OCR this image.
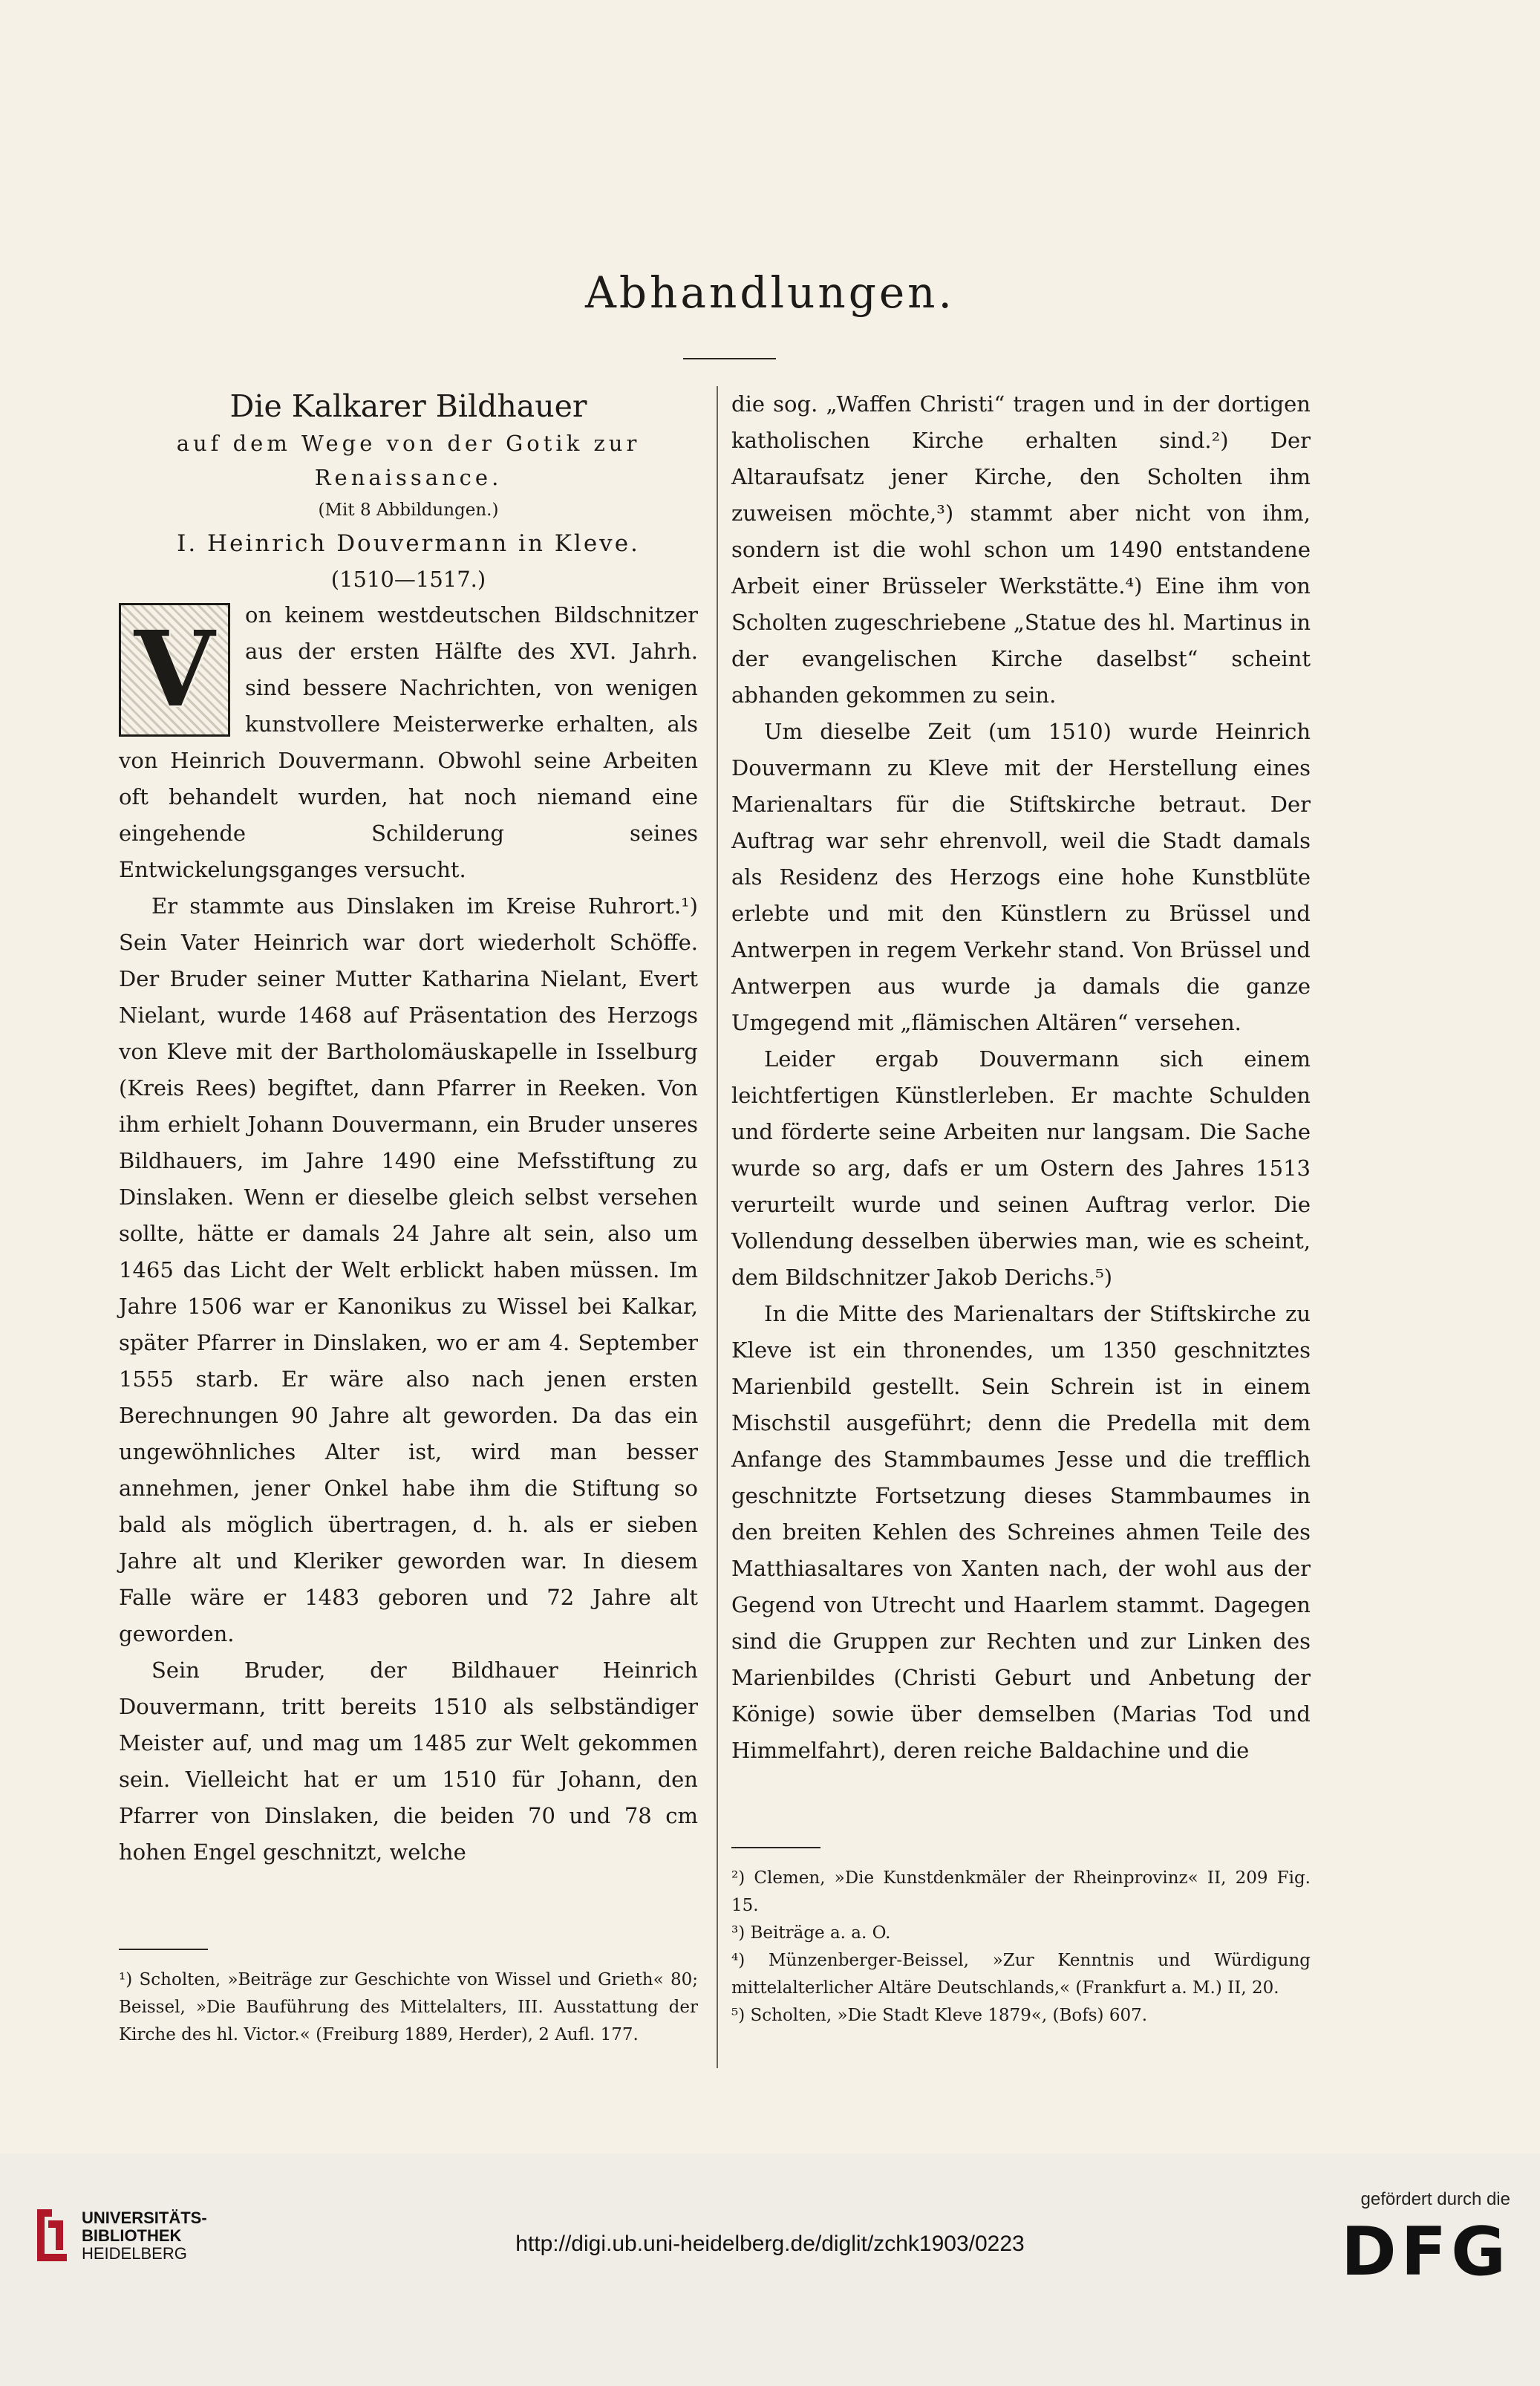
Abhandlungen.
Die Kalkarer Bildhauer
auf dem Wege von der Gotik zur
Renaissance.
(Mit 8 Abbildungen.)
I. Heinrich Douvermann in Kleve.
(1510—1517.)
V	on keinem westdeutschen Bildschnitzer aus der ersten Hälfte des XVI. Jahrh. sind bessere Nachrichten, von wenigen kunstvollere Meisterwerke erhalten, als von Heinrich Douvermann. Obwohl seine Arbeiten oft behandelt wurden, hat noch niemand eine eingehende Schilderung seines Entwickelungsganges versucht.

Er stammte aus Dinslaken im Kreise Ruhrort.¹) Sein Vater Heinrich war dort wiederholt Schöffe. Der Bruder seiner Mutter Katharina Nielant, Evert Nielant, wurde 1468 auf Präsentation des Herzogs von Kleve mit der Bartholomäuskapelle in Isselburg (Kreis Rees) begiftet, dann Pfarrer in Reeken. Von ihm erhielt Johann Douvermann, ein Bruder unseres Bildhauers, im Jahre 1490 eine Mefsstiftung zu Dinslaken. Wenn er dieselbe gleich selbst versehen sollte, hätte er damals 24 Jahre alt sein, also um 1465 das Licht der Welt erblickt haben müssen. Im Jahre 1506 war er Kanonikus zu Wissel bei Kalkar, später Pfarrer in Dinslaken, wo er am 4. September 1555 starb. Er wäre also nach jenen ersten Berechnungen 90 Jahre alt geworden. Da das ein ungewöhnliches Alter ist, wird man besser annehmen, jener Onkel habe ihm die Stiftung so bald als möglich übertragen, d. h. als er sieben Jahre alt und Kleriker geworden war. In diesem Falle wäre er 1483 geboren und 72 Jahre alt geworden.

Sein Bruder, der Bildhauer Heinrich Douvermann, tritt bereits 1510 als selbständiger Meister auf, und mag um 1485 zur Welt gekommen sein. Vielleicht hat er um 1510 für Johann, den Pfarrer von Dinslaken, die beiden 70 und 78 cm hohen Engel geschnitzt, welche

die sog. „Waffen Christi“ tragen und in der dortigen katholischen Kirche erhalten sind.²) Der Altaraufsatz jener Kirche, den Scholten ihm zuweisen möchte,³) stammt aber nicht von ihm, sondern ist die wohl schon um 1490 entstandene Arbeit einer Brüsseler Werkstätte.⁴) Eine ihm von Scholten zugeschriebene „Statue des hl. Martinus in der evangelischen Kirche daselbst“ scheint abhanden gekommen zu sein.

Um dieselbe Zeit (um 1510) wurde Heinrich Douvermann zu Kleve mit der Herstellung eines Marienaltars für die Stiftskirche betraut. Der Auftrag war sehr ehrenvoll, weil die Stadt damals als Residenz des Herzogs eine hohe Kunstblüte erlebte und mit den Künstlern zu Brüssel und Antwerpen in regem Verkehr stand. Von Brüssel und Antwerpen aus wurde ja damals die ganze Umgegend mit „flämischen Altären“ versehen.

Leider ergab Douvermann sich einem leichtfertigen Künstlerleben. Er machte Schulden und förderte seine Arbeiten nur langsam. Die Sache wurde so arg, dafs er um Ostern des Jahres 1513 verurteilt wurde und seinen Auftrag verlor. Die Vollendung desselben überwies man, wie es scheint, dem Bildschnitzer Jakob Derichs.⁵)

In die Mitte des Marienaltars der Stiftskirche zu Kleve ist ein thronendes, um 1350 geschnitztes Marienbild gestellt. Sein Schrein ist in einem Mischstil ausgeführt; denn die Predella mit dem Anfange des Stammbaumes Jesse und die trefflich geschnitzte Fortsetzung dieses Stammbaumes in den breiten Kehlen des Schreines ahmen Teile des Matthiasaltares von Xanten nach, der wohl aus der Gegend von Utrecht und Haarlem stammt. Dagegen sind die Gruppen zur Rechten und zur Linken des Marienbildes (Christi Geburt und Anbetung der Könige) sowie über demselben (Marias Tod und Himmelfahrt), deren reiche Baldachine und die

¹) Scholten, »Beiträge zur Geschichte von Wissel und Grieth« 80; Beissel, »Die Bauführung des Mittelalters, III. Ausstattung der Kirche des hl. Victor.« (Freiburg 1889, Herder), 2 Aufl. 177.

²) Clemen, »Die Kunstdenkmäler der Rheinprovinz« II, 209 Fig. 15.

³) Beiträge a. a. O.

⁴) Münzenberger-Beissel, »Zur Kenntnis und Würdigung mittelalterlicher Altäre Deutschlands,« (Frankfurt a. M.) II, 20.

⁵) Scholten, »Die Stadt Kleve 1879«, (Bofs) 607.

UNIVERSITÄTS-
BIBLIOTHEK
HEIDELBERG	http://digi.ub.uni-heidelberg.de/diglit/zchk1903/0223
gefördert durch die
DFG
